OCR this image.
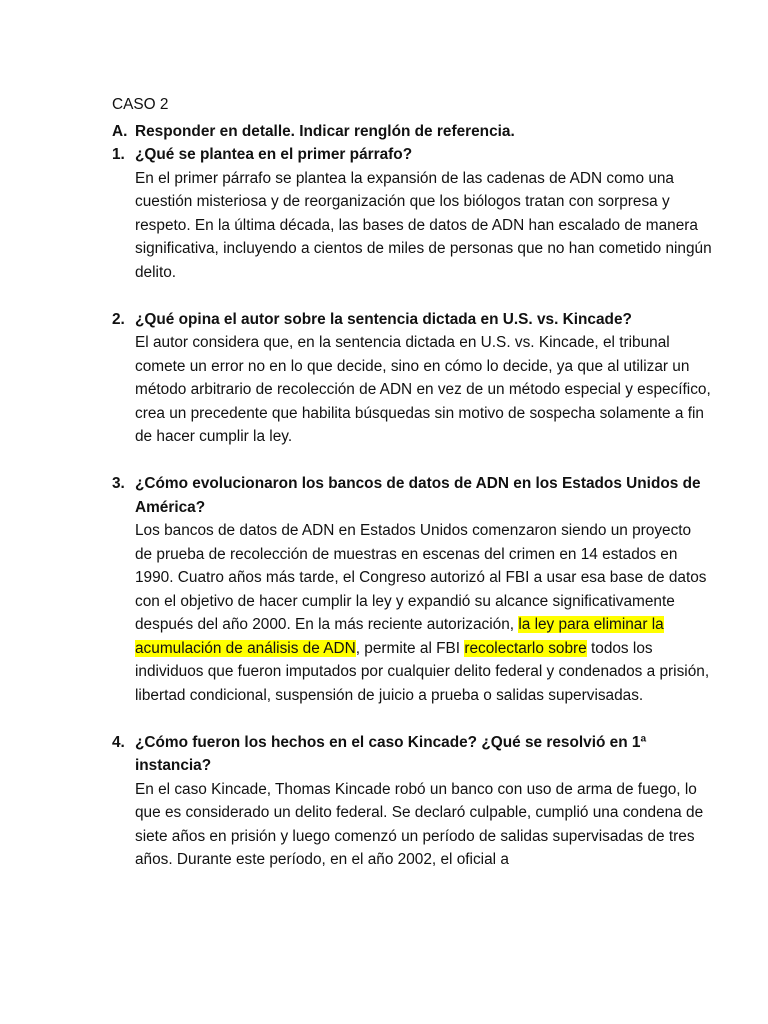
CASO 2

A. Responder en detalle. Indicar renglón de referencia.
1. ¿Qué se plantea en el primer párrafo?

En el primer párrafo se plantea la expansión de las cadenas de ADN como una cuestión misteriosa y de reorganización que los biólogos tratan con sorpresa y respeto. En la última década, las bases de datos de ADN han escalado de manera significativa, incluyendo a cientos de miles de personas que no han cometido ningún delito.

2. ¿Qué opina el autor sobre la sentencia dictada en U.S. vs. Kincade?

El autor considera que, en la sentencia dictada en U.S. vs. Kincade, el tribunal comete un error no en lo que decide, sino en cómo lo decide, ya que al utilizar un método arbitrario de recolección de ADN en vez de un método especial y específico, crea un precedente que habilita búsquedas sin motivo de sospecha solamente a fin de hacer cumplir la ley.

3. ¿Cómo evolucionaron los bancos de datos de ADN en los Estados Unidos de América?

Los bancos de datos de ADN en Estados Unidos comenzaron siendo un proyecto de prueba de recolección de muestras en escenas del crimen en 14 estados en 1990. Cuatro años más tarde, el Congreso autorizó al FBI a usar esa base de datos con el objetivo de hacer cumplir la ley y expandió su alcance significativamente después del año 2000. En la más reciente autorización, la ley para eliminar la acumulación de análisis de ADN, permite al FBI recolectarlo sobre todos los individuos que fueron imputados por cualquier delito federal y condenados a prisión, libertad condicional, suspensión de juicio a prueba o salidas supervisadas.

4. ¿Cómo fueron los hechos en el caso Kincade? ¿Qué se resolvió en 1ª instancia?

En el caso Kincade, Thomas Kincade robó un banco con uso de arma de fuego, lo que es considerado un delito federal. Se declaró culpable, cumplió una condena de siete años en prisión y luego comenzó un período de salidas supervisadas de tres años. Durante este período, en el año 2002, el oficial a
